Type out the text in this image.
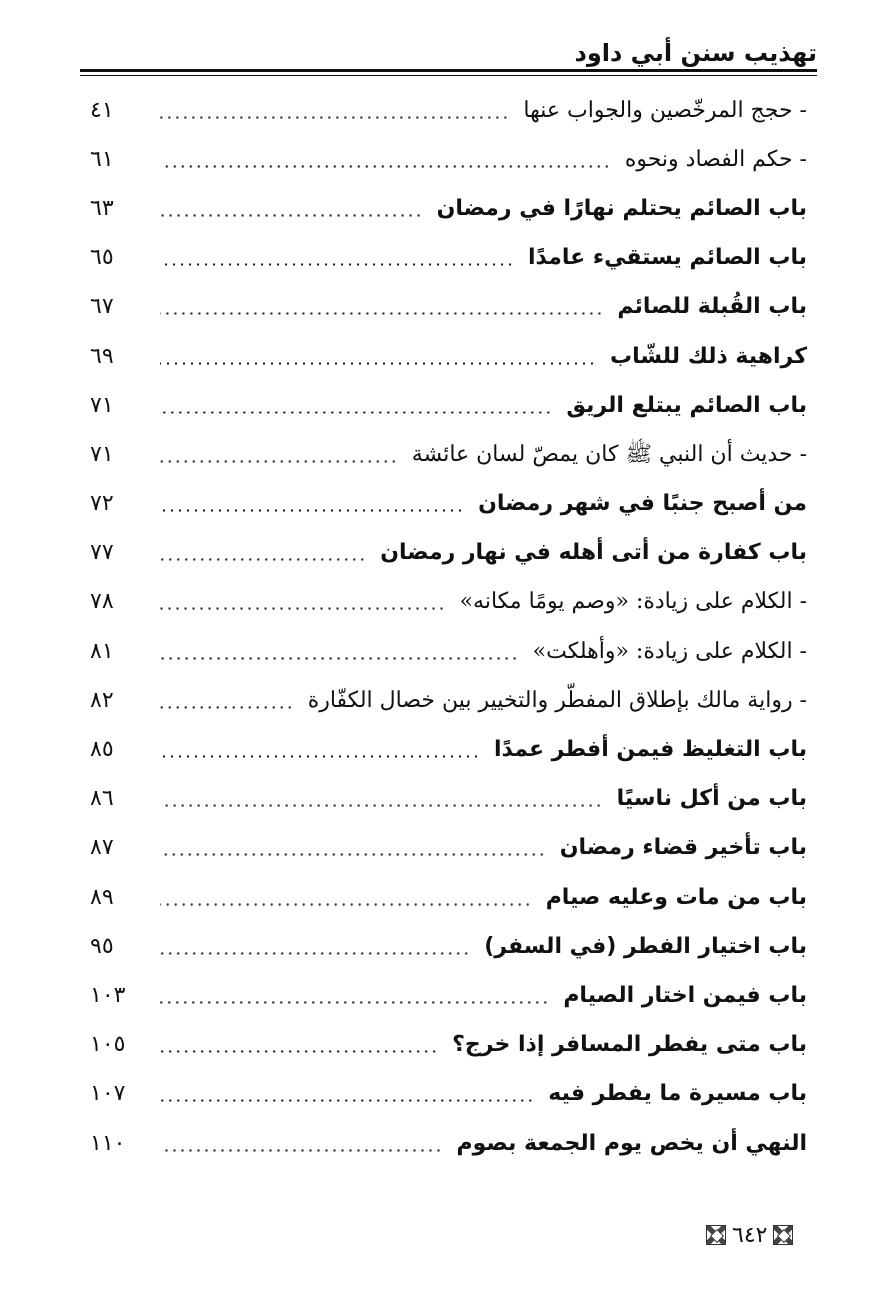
تهذيب سنن أبي داود
- حجج المرخّصين والجواب عنها
٤١
- حكم الفصاد ونحوه
٦١
باب الصائم يحتلم نهارًا في رمضان
٦٣
باب الصائم يستقيء عامدًا
٦٥
باب القُبلة للصائم
٦٧
كراهية ذلك للشّاب
٦٩
باب الصائم يبتلع الريق
٧١
- حديث أن النبي ﷺ كان يمصّ لسان عائشة
٧١
من أصبح جنبًا في شهر رمضان
٧٢
باب كفارة من أتى أهله في نهار رمضان
٧٧
- الكلام على زيادة: «وصم يومًا مكانه»
٧٨
- الكلام على زيادة: «وأهلكت»
٨١
- رواية مالك بإطلاق المفطّر والتخيير بين خصال الكفّارة
٨٢
باب التغليظ فيمن أفطر عمدًا
٨٥
باب من أكل ناسيًا
٨٦
باب تأخير قضاء رمضان
٨٧
باب من مات وعليه صيام
٨٩
باب اختيار الفطر (في السفر)
٩٥
باب فيمن اختار الصيام
١٠٣
باب متى يفطر المسافر إذا خرج؟
١٠٥
باب مسيرة ما يفطر فيه
١٠٧
النهي أن يخص يوم الجمعة بصوم
١١٠
٦٤٢
